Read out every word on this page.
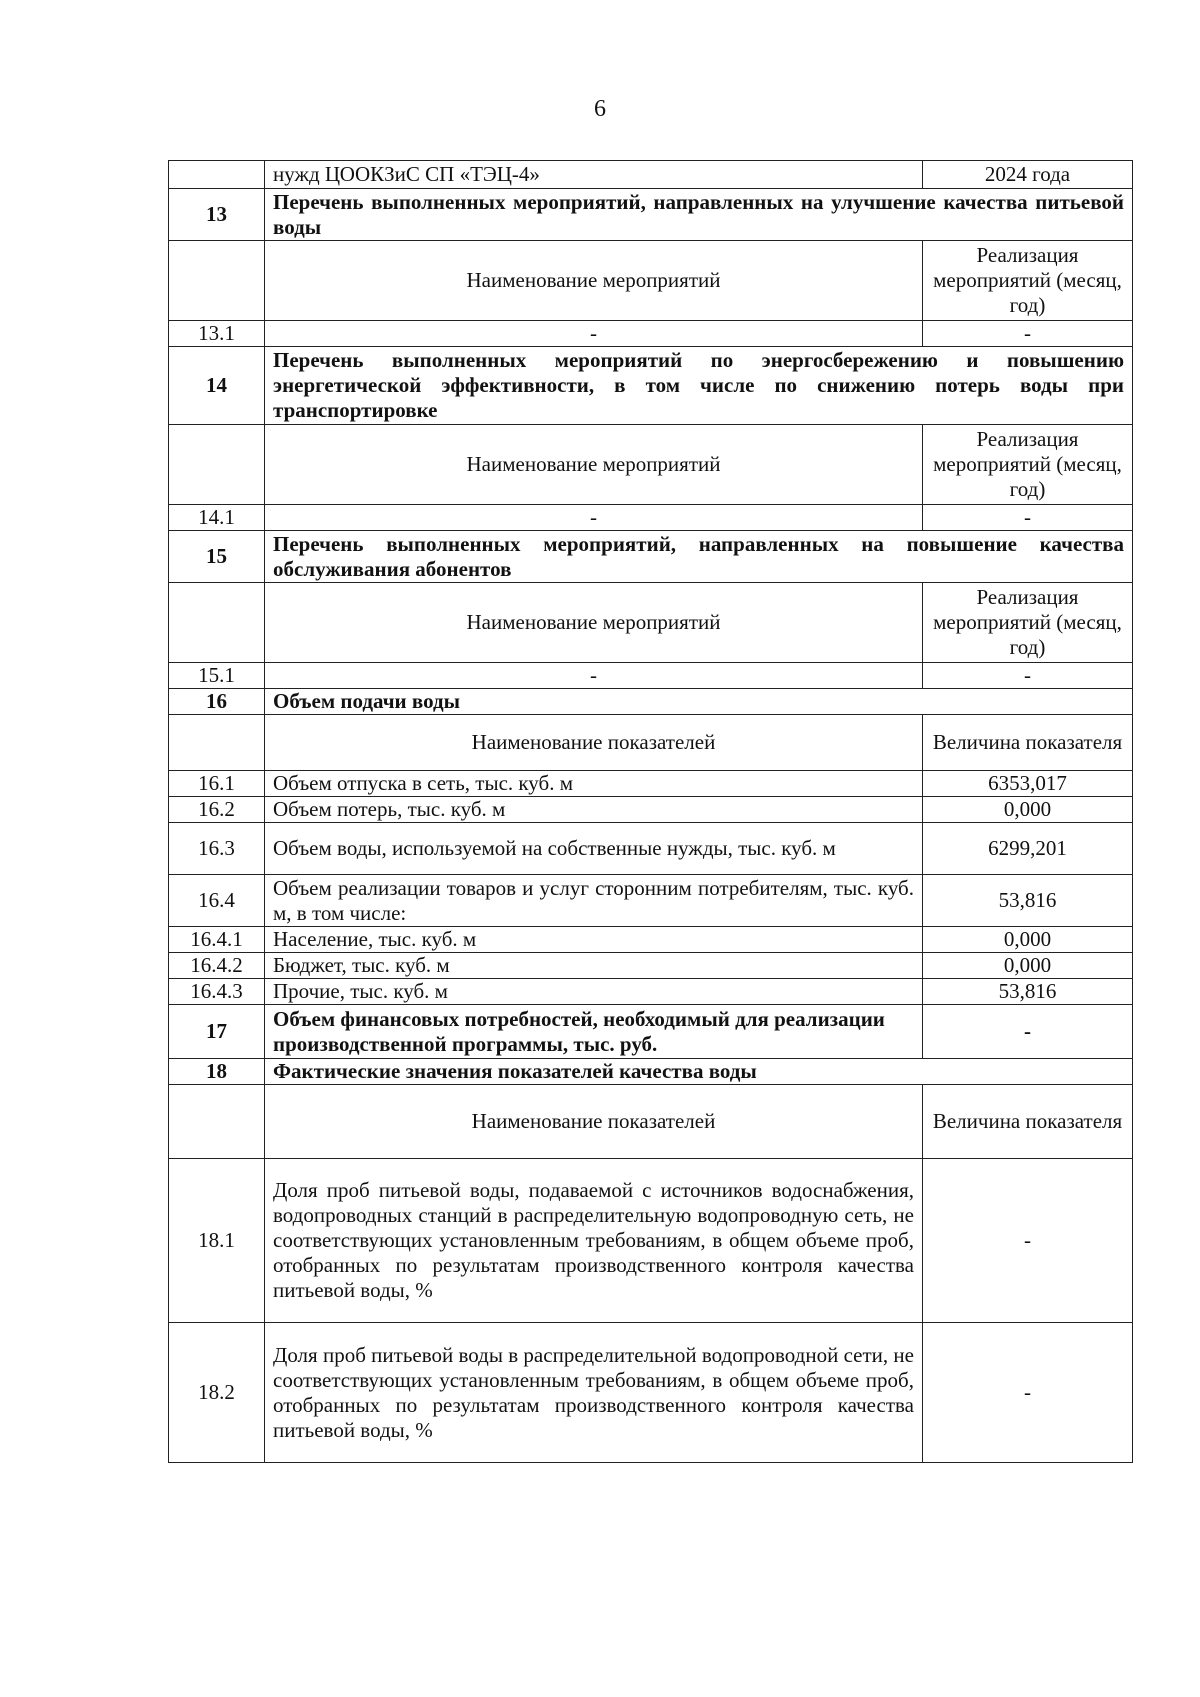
6
	нужд ЦООКЗиС СП «ТЭЦ-4»	2024 года
13	Перечень выполненных мероприятий, направленных на улучшение качества питьевой воды	
	Наименование мероприятий	Реализация мероприятий (месяц, год)
13.1	-	-
14	Перечень выполненных мероприятий по энергосбережению и повышению энергетической эффективности, в том числе по снижению потерь воды при транспортировке	
	Наименование мероприятий	Реализация мероприятий (месяц, год)
14.1	-	-
15	Перечень выполненных мероприятий, направленных на повышение качества обслуживания абонентов	
	Наименование мероприятий	Реализация мероприятий (месяц, год)
15.1	-	-
16	Объем подачи воды	
	Наименование показателей	Величина показателя
16.1	Объем отпуска в сеть, тыс. куб. м	6353,017
16.2	Объем потерь, тыс. куб. м	0,000
16.3	Объем воды, используемой на собственные нужды, тыс. куб. м	6299,201
16.4	Объем реализации товаров и услуг сторонним потребителям, тыс. куб. м, в том числе:	53,816
16.4.1	Население, тыс. куб. м	0,000
16.4.2	Бюджет, тыс. куб. м	0,000
16.4.3	Прочие, тыс. куб. м	53,816
17	Объем финансовых потребностей, необходимый для реализации производственной программы, тыс. руб.	-
18	Фактические значения показателей качества воды	
	Наименование показателей	Величина показателя
18.1	Доля проб питьевой воды, подаваемой с источников водоснабжения, водопроводных станций в распределительную водопроводную сеть, не соответствующих установленным требованиям, в общем объеме проб, отобранных по результатам производственного контроля качества питьевой воды, %	-
18.2	Доля проб питьевой воды в распределительной водопроводной сети, не соответствующих установленным требованиям, в общем объеме проб, отобранных по результатам производственного контроля качества питьевой воды, %	-
